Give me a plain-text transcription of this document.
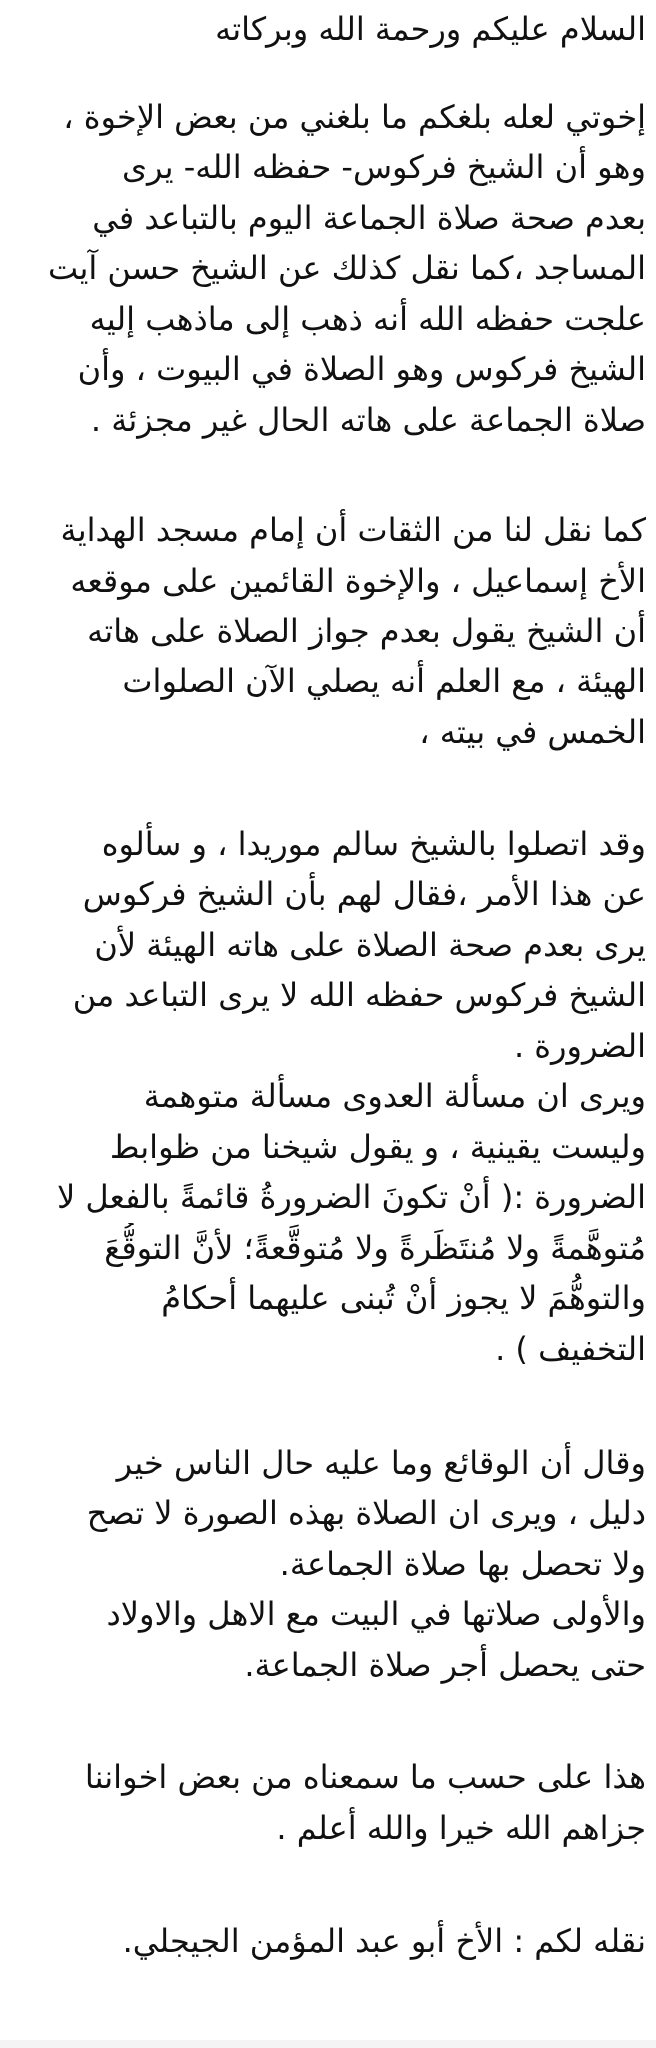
السلام عليكم ورحمة الله وبركاته
إخوتي لعله بلغكم ما بلغني من بعض الإخوة ،
وهو أن الشيخ فركوس- حفظه الله- يرى
بعدم صحة صلاة الجماعة اليوم بالتباعد في
المساجد ،كما نقل كذلك عن الشيخ حسن آيت
علجت حفظه الله أنه ذهب إلى ماذهب إليه
الشيخ فركوس وهو الصلاة في البيوت ، وأن
صلاة الجماعة على هاته الحال غير مجزئة .
كما نقل لنا من الثقات أن إمام مسجد الهداية
الأخ إسماعيل ، والإخوة القائمين على موقعه
أن الشيخ يقول بعدم جواز الصلاة على هاته
الهيئة ، مع العلم أنه يصلي الآن الصلوات
الخمس في بيته ،
وقد اتصلوا بالشيخ سالم موريدا ، و سألوه
عن هذا الأمر ،فقال لهم بأن الشيخ فركوس
يرى بعدم صحة الصلاة على هاته الهيئة لأن
الشيخ فركوس حفظه الله لا يرى التباعد من
الضرورة .
ويرى ان مسألة العدوى مسألة متوهمة
وليست يقينية ، و يقول شيخنا من ظوابط
الضرورة :( أنْ تكونَ الضرورةُ قائمةً بالفعل لا
مُتوهَّمةً ولا مُنتَظَرةً ولا مُتوقَّعةً؛ لأنَّ التوقُّعَ
والتوهُّمَ لا يجوز أنْ تُبنى عليهما أحكامُ
التخفيف ) .
وقال أن الوقائع وما عليه حال الناس خير
دليل ، ويرى ان الصلاة بهذه الصورة لا تصح
ولا تحصل بها صلاة الجماعة.
والأولى صلاتها في البيت مع الاهل والاولاد
حتى يحصل أجر صلاة الجماعة.
هذا على حسب ما سمعناه من بعض اخواننا
جزاهم الله خيرا والله أعلم .
نقله لكم : الأخ أبو عبد المؤمن الجيجلي.
